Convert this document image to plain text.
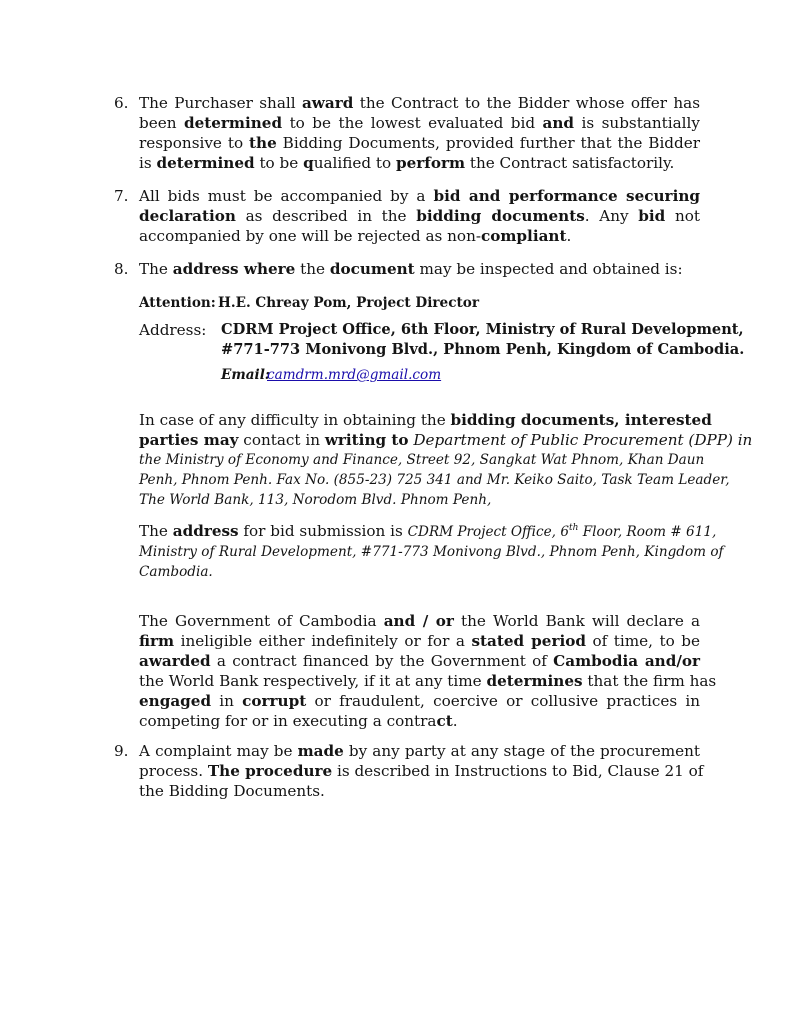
6. The Purchaser shall award the Contract to the Bidder whose offer has
been determined to be the lowest evaluated bid and is substantially
responsive to the Bidding Documents, provided further that the Bidder
is determined to be qualified to perform the Contract satisfactorily.
7. All bids must be accompanied by a bid and performance securing
declaration as described in the bidding documents. Any bid not
accompanied by one will be rejected as non-compliant.
8. The address where the document may be inspected and obtained is:
Attention: H.E. Chreay Pom, Project Director
Address: CDRM Project Office, 6th Floor, Ministry of Rural Development,
#771-773 Monivong Blvd., Phnom Penh, Kingdom of Cambodia.
Email:
camdrm.mrd@gmail.com
In case of any difficulty in obtaining the bidding documents, interested
parties may contact in writing to Department of Public Procurement (DPP) in
the Ministry of Economy and Finance, Street 92, Sangkat Wat Phnom, Khan Daun
Penh, Phnom Penh. Fax No. (855-23) 725 341 and Mr. Keiko Saito, Task Team Leader,
The World Bank, 113, Norodom Blvd. Phnom Penh,
The address for bid submission is CDRM Project Office, 6th Floor, Room # 611,
Ministry of Rural Development, #771-773 Monivong Blvd., Phnom Penh, Kingdom of
Cambodia.
The Government of Cambodia and / or the World Bank will declare a
firm ineligible either indefinitely or for a stated period of time, to be
awarded a contract financed by the Government of Cambodia and/or
the World Bank respectively, if it at any time determines that the firm has
engaged in corrupt or fraudulent, coercive or collusive practices in
competing for or in executing a contract.
9. A complaint may be made by any party at any stage of the procurement
process. The procedure is described in Instructions to Bid, Clause 21 of
the Bidding Documents.
